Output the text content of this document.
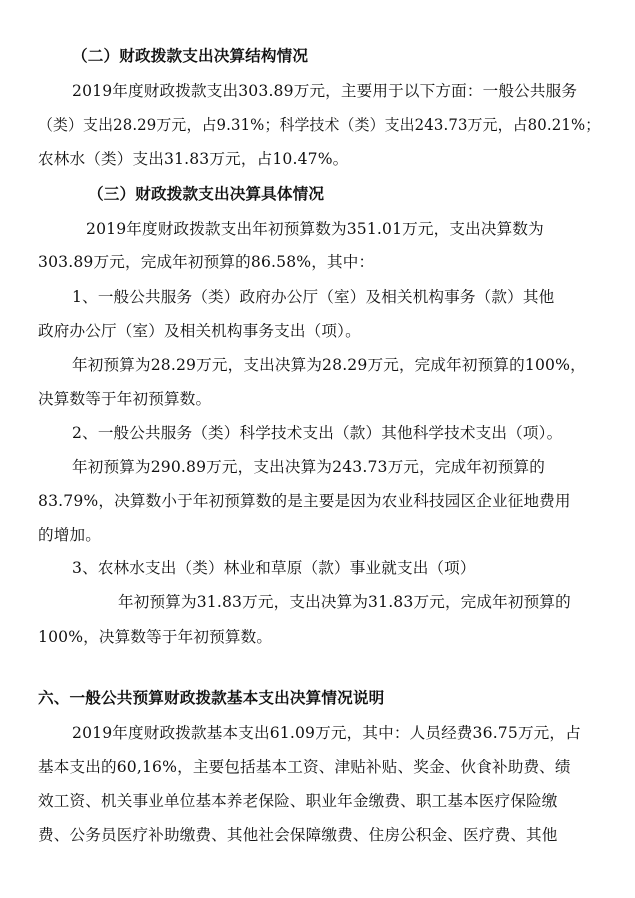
（二）财政拨款支出决算结构情况
2019年度财政拨款支出303.89万元，主要用于以下方面：一般公共服务
（类）支出28.29万元，占9.31%；科学技术（类）支出243.73万元，占80.21%；
农林水（类）支出31.83万元，占10.47%。
（三）财政拨款支出决算具体情况
2019年度财政拨款支出年初预算数为351.01万元，支出决算数为
303.89万元，完成年初预算的86.58%，其中：
1、一般公共服务（类）政府办公厅（室）及相关机构事务（款）其他
政府办公厅（室）及相关机构事务支出（项）。
年初预算为28.29万元，支出决算为28.29万元，完成年初预算的100%，
决算数等于年初预算数。
2、一般公共服务（类）科学技术支出（款）其他科学技术支出（项）。
年初预算为290.89万元，支出决算为243.73万元，完成年初预算的
83.79%，决算数小于年初预算数的是主要是因为农业科技园区企业征地费用
的增加。
3、农林水支出（类）林业和草原（款）事业就支出（项）
年初预算为31.83万元，支出决算为31.83万元，完成年初预算的
100%，决算数等于年初预算数。
六、一般公共预算财政拨款基本支出决算情况说明
2019年度财政拨款基本支出61.09万元，其中：人员经费36.75万元，占
基本支出的60,16%，主要包括基本工资、津贴补贴、奖金、伙食补助费、绩
效工资、机关事业单位基本养老保险、职业年金缴费、职工基本医疗保险缴
费、公务员医疗补助缴费、其他社会保障缴费、住房公积金、医疗费、其他
